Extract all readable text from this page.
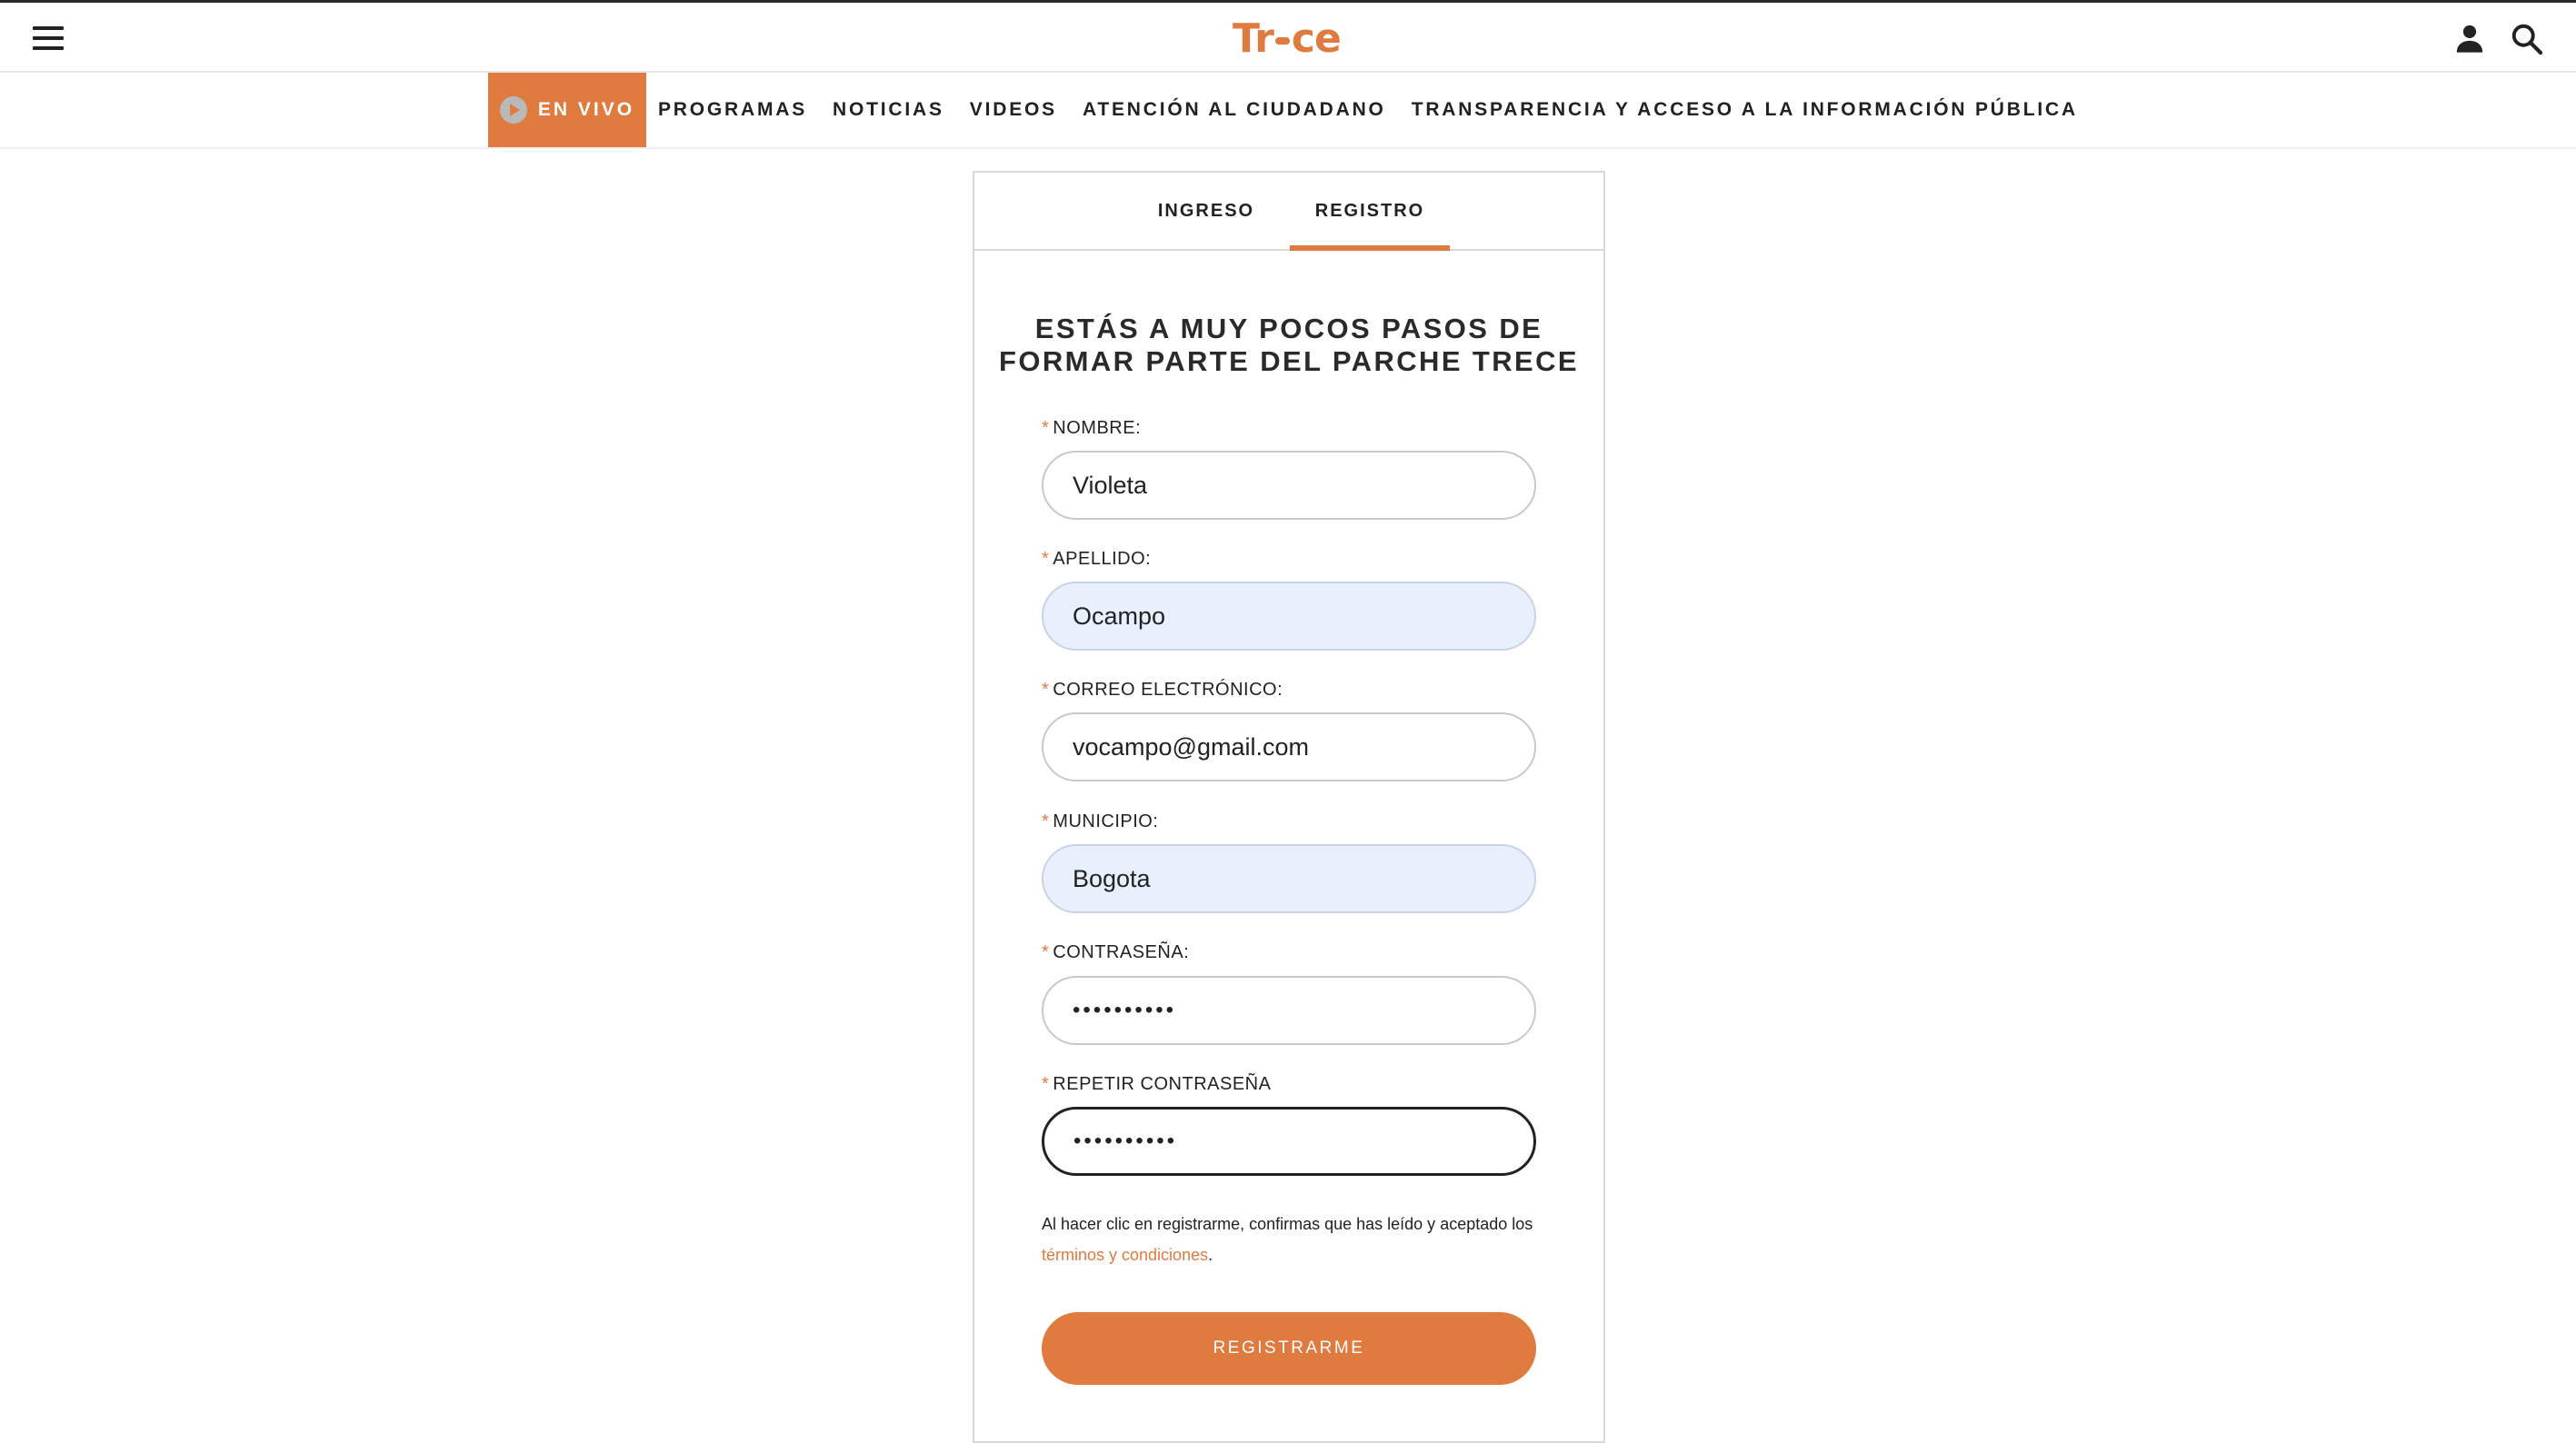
Tr ce
EN VIVO PROGRAMAS NOTICIAS VIDEOS ATENCIÓN AL CIUDADANO TRANSPARENCIA Y ACCESO A LA INFORMACIÓN PÚBLICA
INGRESO	REGISTRO
ESTÁS A MUY POCOS PASOS DE
FORMAR PARTE DEL PARCHE TRECE
* NOMBRE:
Violeta
* APELLIDO:
Ocampo
* CORREO ELECTRÓNICO:
vocampo@gmail.com
* MUNICIPIO:
Bogota
* CONTRASEÑA:
••••••••••
* REPETIR CONTRASEÑA
••••••••••
Al hacer clic en registrarme, confirmas que has leído y aceptado los términos y condiciones.
REGISTRARME
